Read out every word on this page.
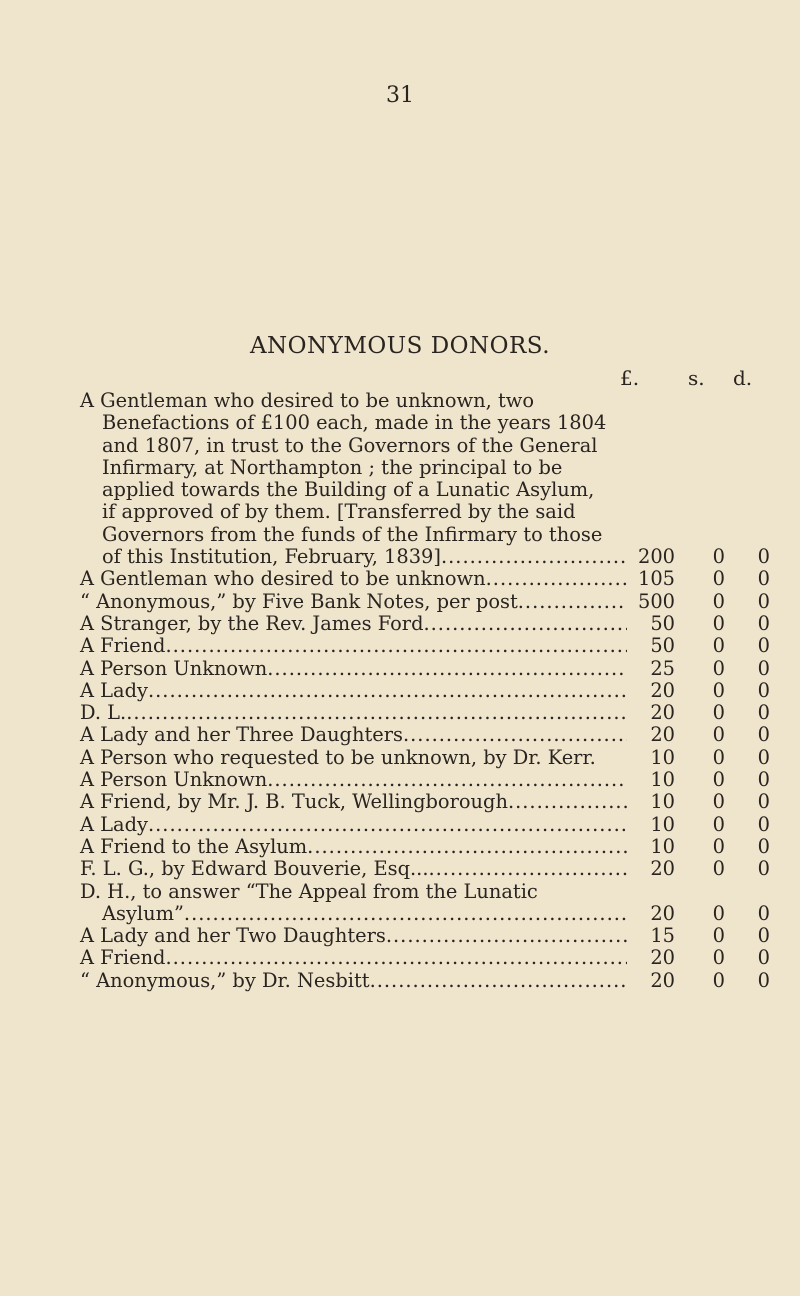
31
ANONYMOUS DONORS.
£. s. d.
A Gentleman who desired to be unknown, two
Benefactions of £100 each, made in the years 1804
and 1807, in trust to the Governors of the General
Infirmary, at Northampton ; the principal to be
applied towards the Building of a Lunatic Asylum,
if approved of by them. [Transferred by the said
Governors from the funds of the Infirmary to those
of this Institution, February, 1839] .....	200	0	0
A Gentleman who desired to be unknown .....	105	0	0
“ Anonymous,” by Five Bank Notes, per post .....	500	0	0
A Stranger, by the Rev. James Ford .....	50	0	0
A Friend .....	50	0	0
A Person Unknown .....	25	0	0
A Lady .....	20	0	0
D. L. .....	20	0	0
A Lady and her Three Daughters .....	20	0	0
A Person who requested to be unknown, by Dr. Kerr.	10	0	0
A Person Unknown .....	10	0	0
A Friend, by Mr. J. B. Tuck, Wellingborough .....	10	0	0
A Lady .....	10	0	0
A Friend to the Asylum .....	10	0	0
F. L. G., by Edward Bouverie, Esq... .....	20	0	0
D. H., to answer “The Appeal from the Lunatic
Asylum” .....	20	0	0
A Lady and her Two Daughters .....	15	0	0
A Friend .....	20	0	0
“ Anonymous,” by Dr. Nesbitt .....	20	0	0
